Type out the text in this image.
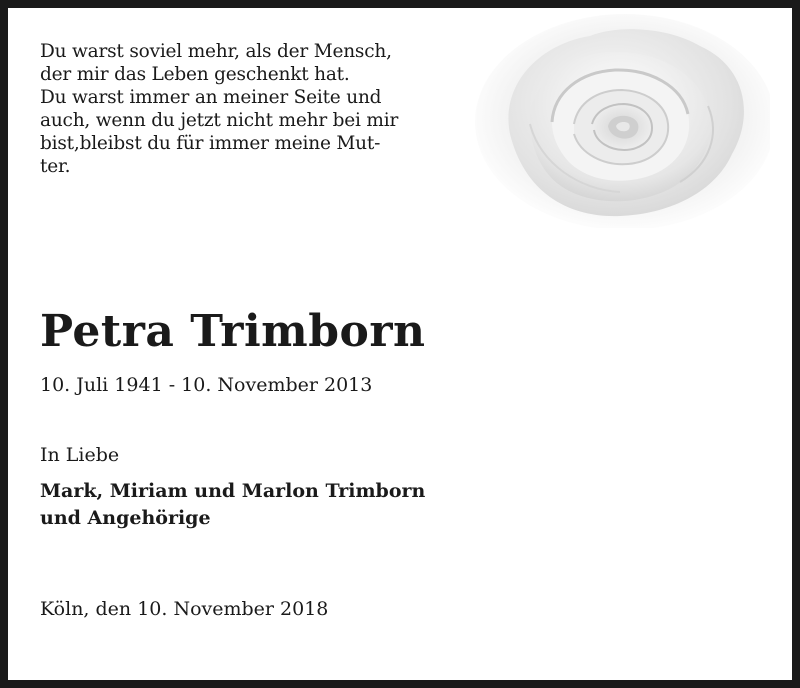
Du warst soviel mehr, als der Mensch,
der mir das Leben geschenkt hat.
Du warst immer an meiner Seite und
auch, wenn du jetzt nicht mehr bei mir
bist,bleibst du für immer meine Mut-
ter.
Petra Trimborn
10. Juli 1941 - 10. November 2013
In Liebe
Mark, Miriam und Marlon Trimborn
und Angehörige
Köln, den 10. November 2018
